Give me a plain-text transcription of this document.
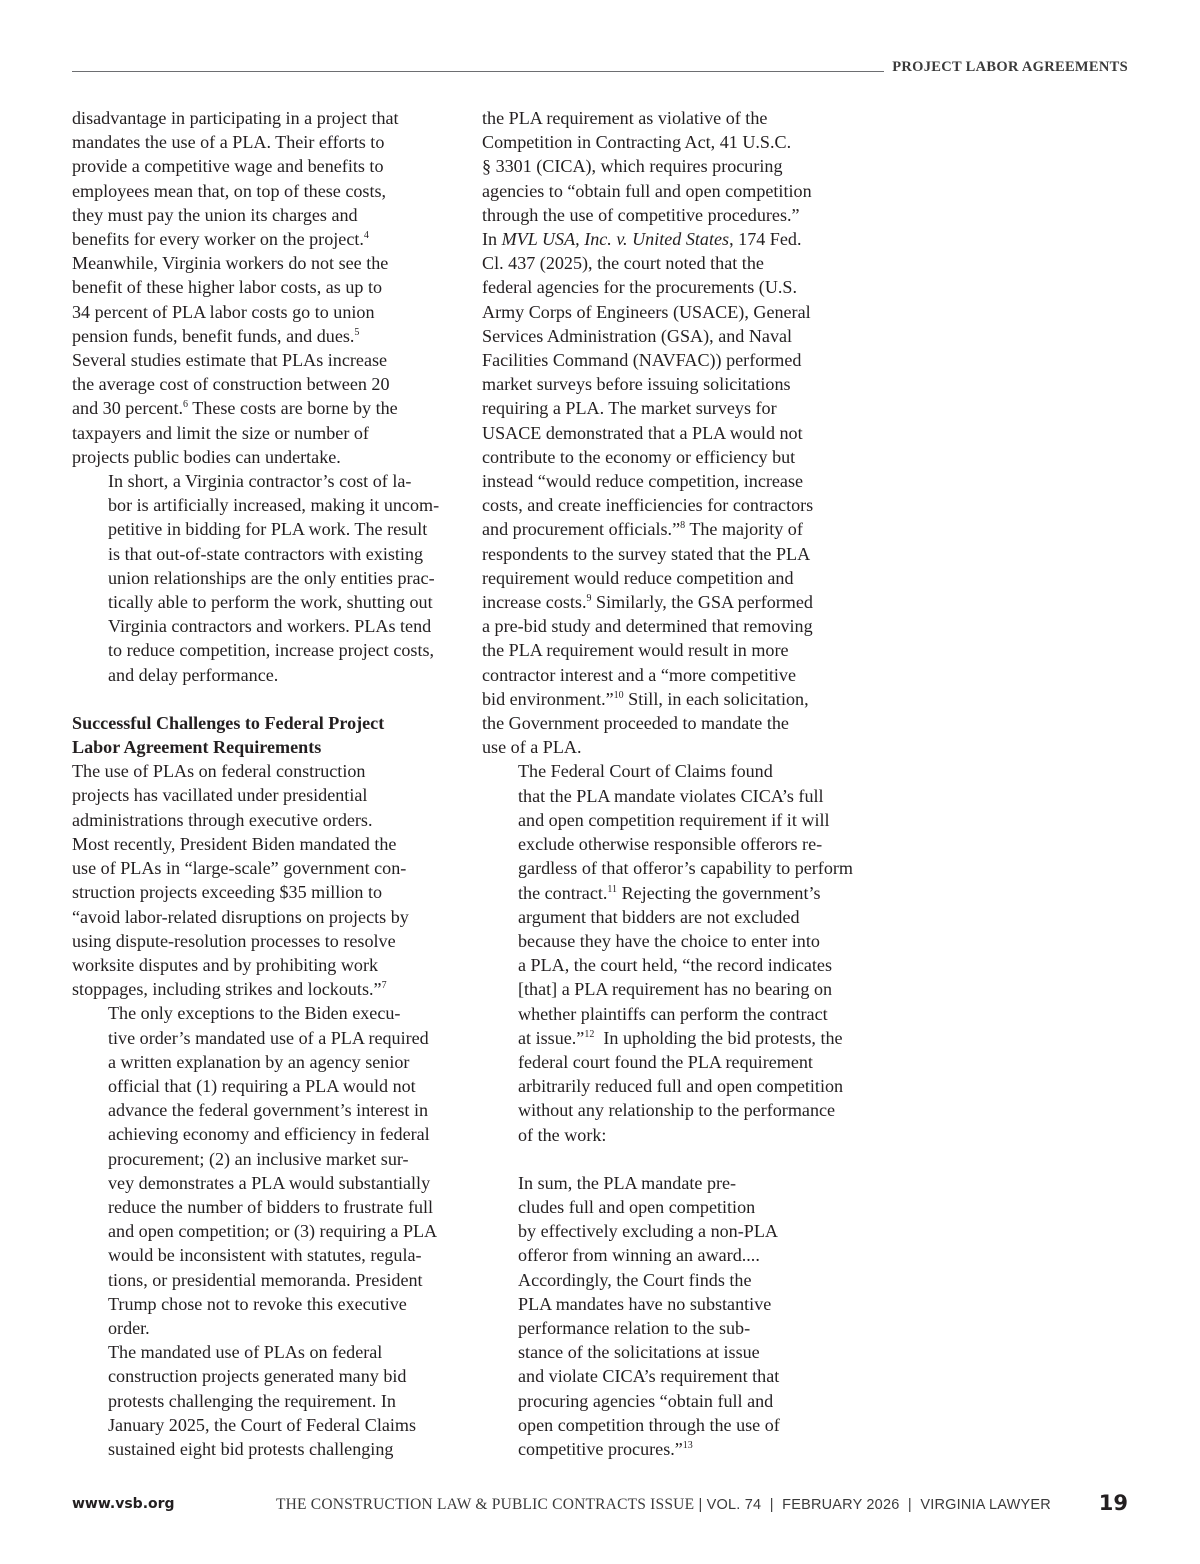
PROJECT LABOR AGREEMENTS

disadvantage in participating in a project that
mandates the use of a PLA. Their efforts to
provide a competitive wage and benefits to
employees mean that, on top of these costs,
they must pay the union its charges and
benefits for every worker on the project.$^4$
Meanwhile, Virginia workers do not see the
benefit of these higher labor costs, as up to
34 percent of PLA labor costs go to union
pension funds, benefit funds, and dues.$^5$
Several studies estimate that PLAs increase
the average cost of construction between 20
and 30 percent.$^6$ These costs are borne by the
taxpayers and limit the size or number of
projects public bodies can undertake.

In short, a Virginia contractor’s cost of la-
bor is artificially increased, making it uncom-
petitive in bidding for PLA work. The result
is that out-of-state contractors with existing
union relationships are the only entities prac-
tically able to perform the work, shutting out
Virginia contractors and workers. PLAs tend
to reduce competition, increase project costs,
and delay performance.

Successful Challenges to Federal Project
Labor Agreement Requirements

The use of PLAs on federal construction
projects has vacillated under presidential
administrations through executive orders.
Most recently, President Biden mandated the
use of PLAs in “large-scale” government con-
struction projects exceeding $35 million to
“avoid labor-related disruptions on projects by
using dispute-resolution processes to resolve
worksite disputes and by prohibiting work
stoppages, including strikes and lockouts.”$^7$

The only exceptions to the Biden execu-
tive order’s mandated use of a PLA required
a written explanation by an agency senior
official that (1) requiring a PLA would not
advance the federal government’s interest in
achieving economy and efficiency in federal
procurement; (2) an inclusive market sur-
vey demonstrates a PLA would substantially
reduce the number of bidders to frustrate full
and open competition; or (3) requiring a PLA
would be inconsistent with statutes, regula-
tions, or presidential memoranda. President
Trump chose not to revoke this executive
order.

The mandated use of PLAs on federal
construction projects generated many bid
protests challenging the requirement. In
January 2025, the Court of Federal Claims
sustained eight bid protests challenging

the PLA requirement as violative of the
Competition in Contracting Act, 41 U.S.C.
§ 3301 (CICA), which requires procuring
agencies to “obtain full and open competition
through the use of competitive procedures.”
In MVL USA, Inc. v. United States, 174 Fed.
Cl. 437 (2025), the court noted that the
federal agencies for the procurements (U.S.
Army Corps of Engineers (USACE), General
Services Administration (GSA), and Naval
Facilities Command (NAVFAC)) performed
market surveys before issuing solicitations
requiring a PLA. The market surveys for
USACE demonstrated that a PLA would not
contribute to the economy or efficiency but
instead “would reduce competition, increase
costs, and create inefficiencies for contractors
and procurement officials.”$^8$ The majority of
respondents to the survey stated that the PLA
requirement would reduce competition and
increase costs.$^9$ Similarly, the GSA performed
a pre-bid study and determined that removing
the PLA requirement would result in more
contractor interest and a “more competitive
bid environment.”$^{10}$ Still, in each solicitation,
the Government proceeded to mandate the
use of a PLA.

The Federal Court of Claims found
that the PLA mandate violates CICA’s full
and open competition requirement if it will
exclude otherwise responsible offerors re-
gardless of that offeror’s capability to perform
the contract.$^{11}$ Rejecting the government’s
argument that bidders are not excluded
because they have the choice to enter into
a PLA, the court held, “the record indicates
[that] a PLA requirement has no bearing on
whether plaintiffs can perform the contract
at issue.”$^{12}$  In upholding the bid protests, the
federal court found the PLA requirement
arbitrarily reduced full and open competition
without any relationship to the performance
of the work:

In sum, the PLA mandate pre-
cludes full and open competition
by effectively excluding a non-PLA
offeror from winning an award....
Accordingly, the Court finds the
PLA mandates have no substantive
performance relation to the sub-
stance of the solicitations at issue
and violate CICA’s requirement that
procuring agencies “obtain full and
open competition through the use of
competitive procures.”$^{13}$
www.vsb.org	THE CONSTRUCTION LAW & PUBLIC CONTRACTS ISSUE | VOL. 74  |  FEBRUARY 2026  |  VIRGINIA LAWYER 19
